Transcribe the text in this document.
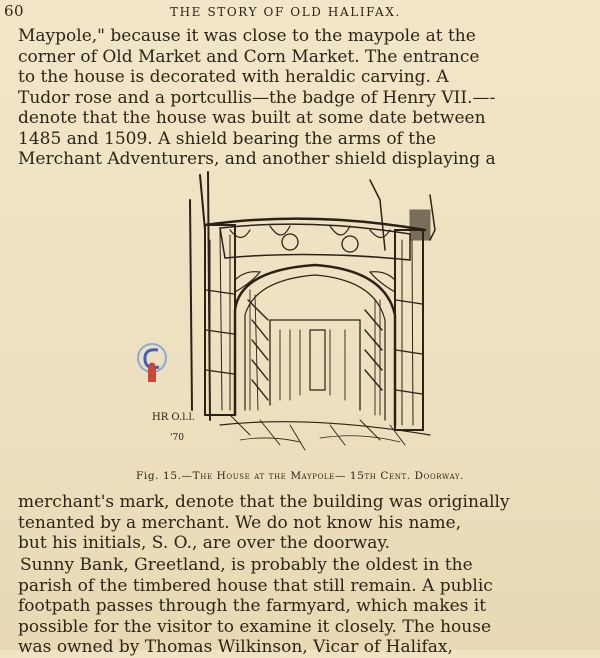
60	THE STORY OF OLD HALIFAX.
Maypole," because it was close to the maypole at the
corner of Old Market and Corn Market. The entrance
to the house is decorated with heraldic carving. A
Tudor rose and a portcullis—the badge of Henry VII.—-
denote that the house was built at some date between
1485 and 1509. A shield bearing the arms of the
Merchant Adventurers, and another shield displaying a
HR O.l.l.
'70
Fig. 15.—The House at the Maypole— 15th Cent. Doorway.
merchant's mark, denote that the building was originally
tenanted by a merchant. We do not know his name,
but his initials, S. O., are over the doorway.
Sunny Bank, Greetland, is probably the oldest in the
parish of the timbered house that still remain. A public
footpath passes through the farmyard, which makes it
possible for the visitor to examine it closely. The house
was owned by Thomas Wilkinson, Vicar of Halifax,
